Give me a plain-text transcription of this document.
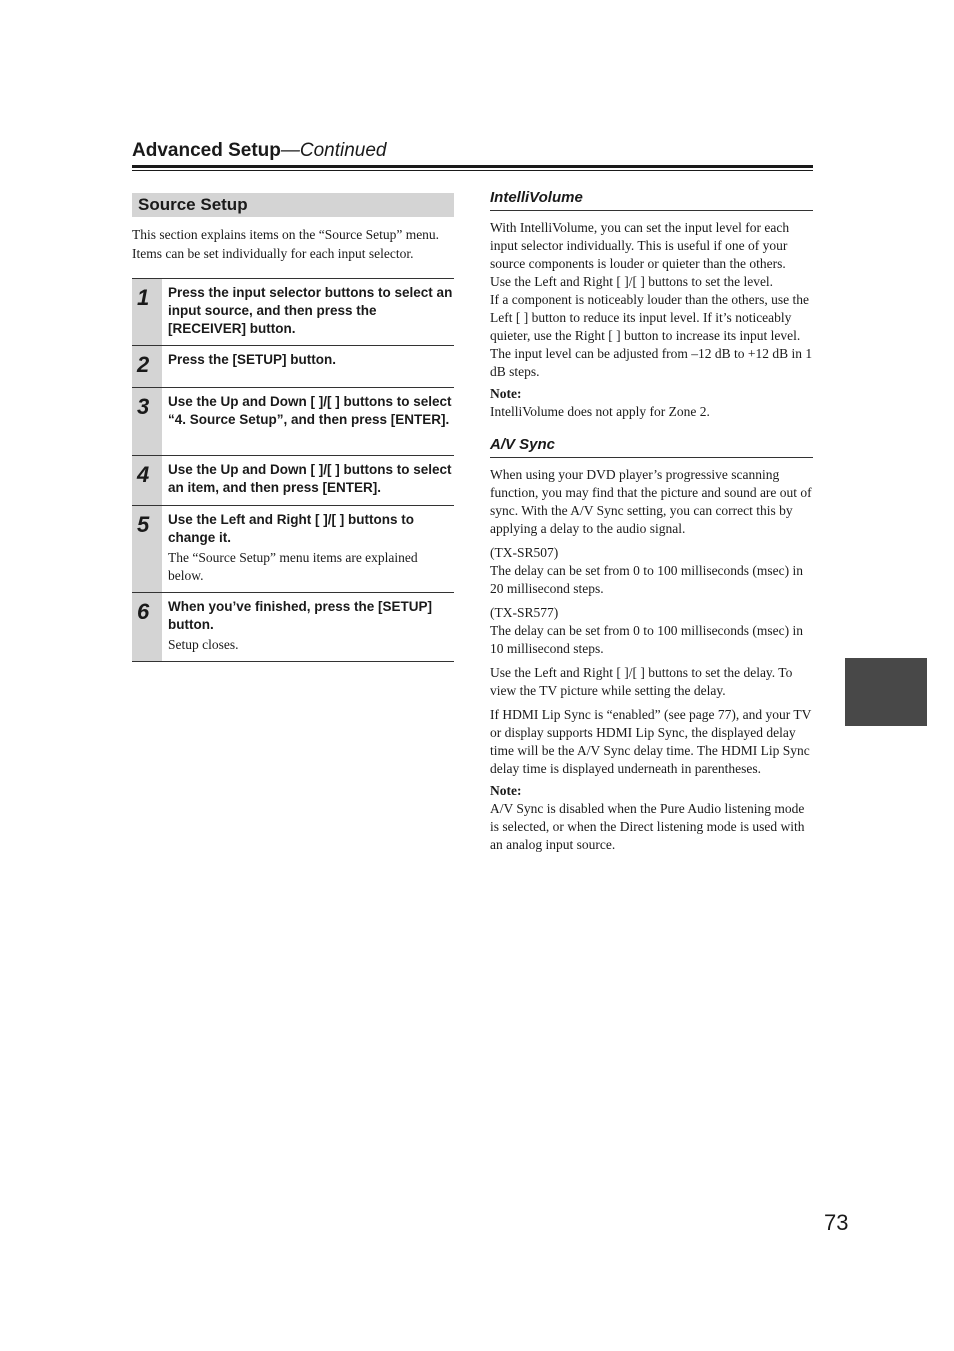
Advanced Setup—Continued
Source Setup

This section explains items on the “Source Setup” menu. Items can be set individually for each input selector.

1	Press the input selector buttons to select an input source, and then press the [RECEIVER] button.
2	Press the [SETUP] button.
3	Use the Up and Down [ ]/[ ] buttons to select “4. Source Setup”, and then press [ENTER].
4	Use the Up and Down [ ]/[ ] buttons to select an item, and then press [ENTER].
5	Use the Left and Right [ ]/[ ] buttons to change it.
The “Source Setup” menu items are explained below.
6	When you’ve finished, press the [SETUP] button.
Setup closes.
IntelliVolume

With IntelliVolume, you can set the input level for each input selector individually. This is useful if one of your source components is louder or quieter than the others.

Use the Left and Right [ ]/[ ] buttons to set the level.

If a component is noticeably louder than the others, use the Left [ ] button to reduce its input level. If it’s noticeably quieter, use the Right [ ] button to increase its input level. The input level can be adjusted from –12 dB to +12 dB in 1 dB steps.

Note:

IntelliVolume does not apply for Zone 2.

A/V Sync

When using your DVD player’s progressive scanning function, you may find that the picture and sound are out of sync. With the A/V Sync setting, you can correct this by applying a delay to the audio signal.

(TX-SR507)

The delay can be set from 0 to 100 milliseconds (msec) in 20 millisecond steps.

(TX-SR577)

The delay can be set from 0 to 100 milliseconds (msec) in 10 millisecond steps.

Use the Left and Right [ ]/[ ] buttons to set the delay. To view the TV picture while setting the delay.

If HDMI Lip Sync is “enabled” (see page 77), and your TV or display supports HDMI Lip Sync, the displayed delay time will be the A/V Sync delay time. The HDMI Lip Sync delay time is displayed underneath in parentheses.

Note:

A/V Sync is disabled when the Pure Audio listening mode is selected, or when the Direct listening mode is used with an analog input source.

73
